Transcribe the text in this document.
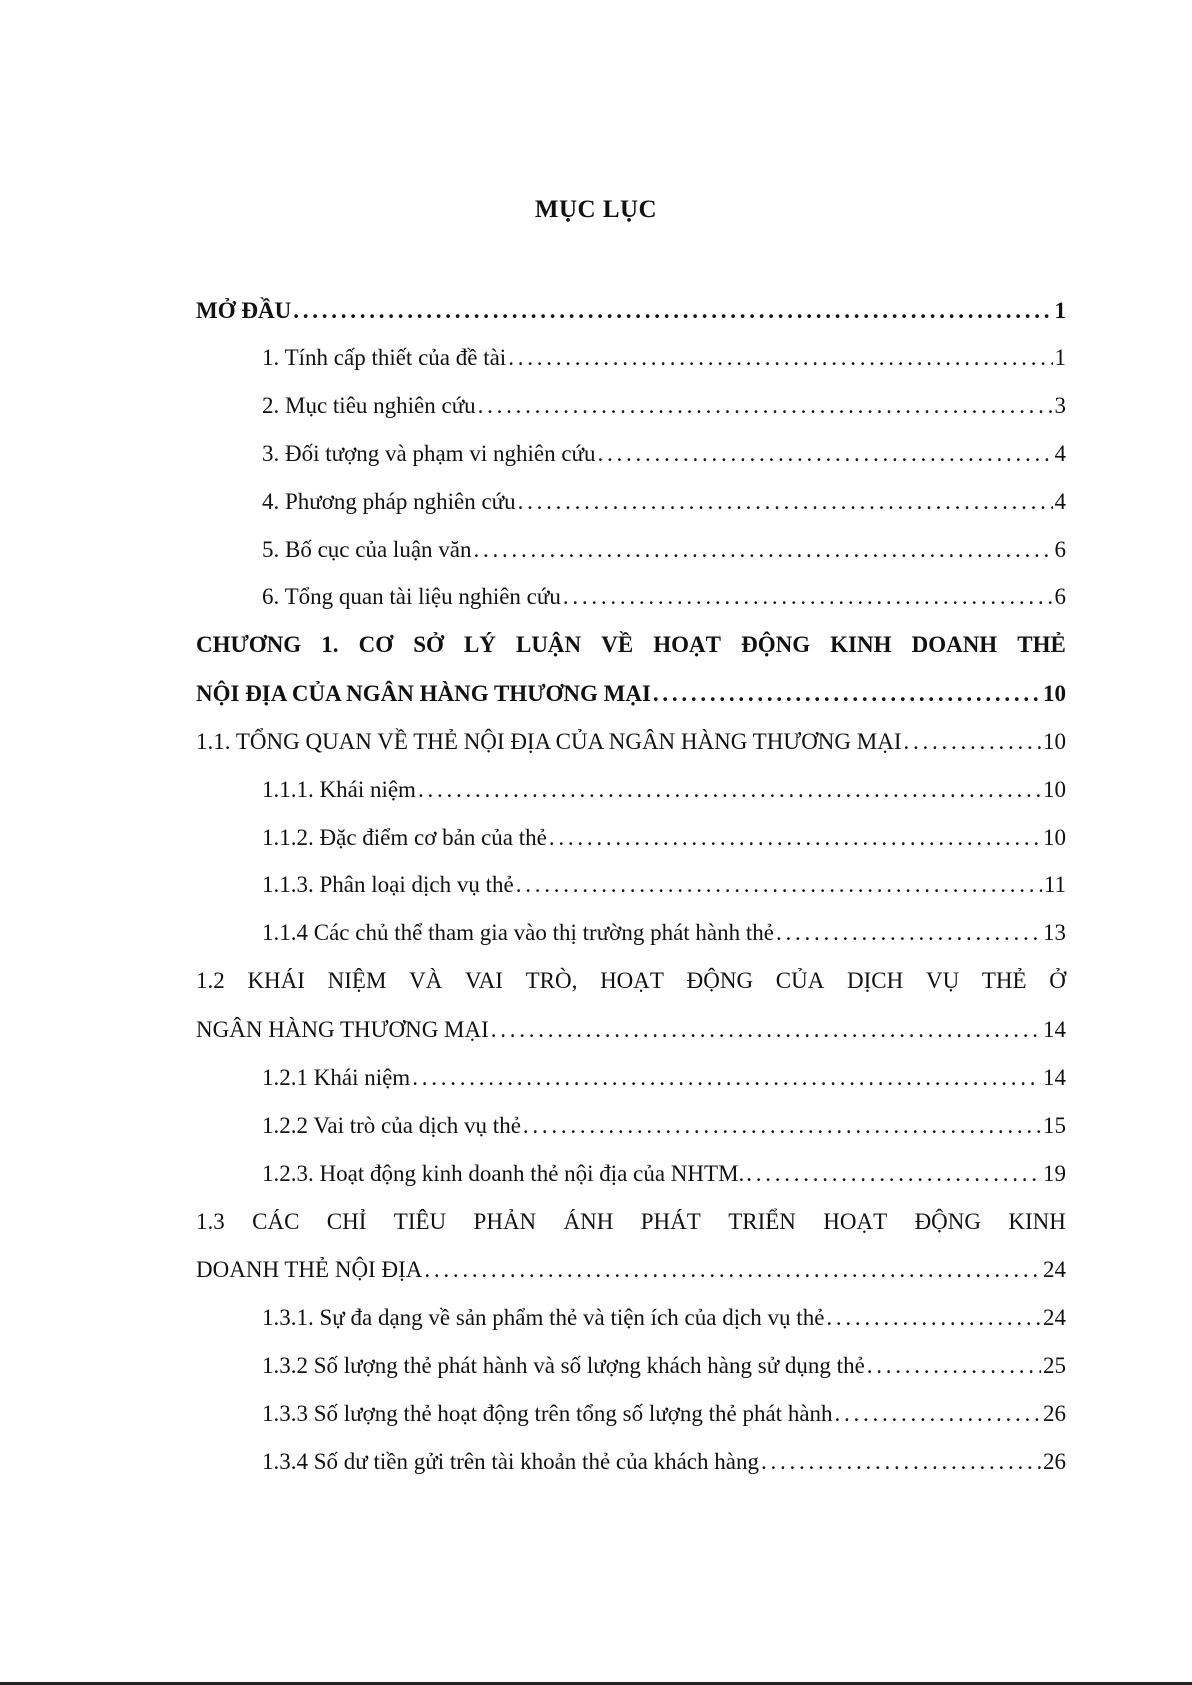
MỤC LỤC
MỞ ĐẦU . . .	1
1. Tính cấp thiết của đề tài . . .	1
2. Mục tiêu nghiên cứu . . .	3
3. Đối tượng và phạm vi nghiên cứu . . .	4
4. Phương pháp nghiên cứu . . .	4
5. Bố cục của luận văn . . .	6
6. Tổng quan tài liệu nghiên cứu . . .	6
CHƯƠNG 1. CƠ SỞ LÝ LUẬN VỀ HOẠT ĐỘNG KINH DOANH THẺ
NỘI ĐỊA CỦA NGÂN HÀNG THƯƠNG MẠI . . .	10
1.1. TỔNG QUAN VỀ THẺ NỘI ĐỊA CỦA NGÂN HÀNG THƯƠNG MẠI . . .	10
1.1.1. Khái niệm . . .	10
1.1.2. Đặc điểm cơ bản của thẻ . . .	10
1.1.3. Phân loại dịch vụ thẻ . . .	11
1.1.4 Các chủ thể tham gia vào thị trường phát hành thẻ . . .	13
1.2 KHÁI NIỆM VÀ VAI TRÒ, HOẠT ĐỘNG CỦA DỊCH VỤ THẺ Ở
NGÂN HÀNG THƯƠNG MẠI . . .	14
1.2.1 Khái niệm . . .	14
1.2.2 Vai trò của dịch vụ thẻ . . .	15
1.2.3. Hoạt động kinh doanh thẻ nội địa của NHTM. . . .	19
1.3 CÁC CHỈ TIÊU PHẢN ÁNH PHÁT TRIỂN HOẠT ĐỘNG KINH
DOANH THẺ NỘI ĐỊA . . .	24
1.3.1. Sự đa dạng về sản phẩm thẻ và tiện ích của dịch vụ thẻ . . .	24
1.3.2 Số lượng thẻ phát hành và số lượng khách hàng sử dụng thẻ . . .	25
1.3.3 Số lượng thẻ hoạt động trên tổng số lượng thẻ phát hành . . .	26
1.3.4 Số dư tiền gửi trên tài khoản thẻ của khách hàng . . .	26
